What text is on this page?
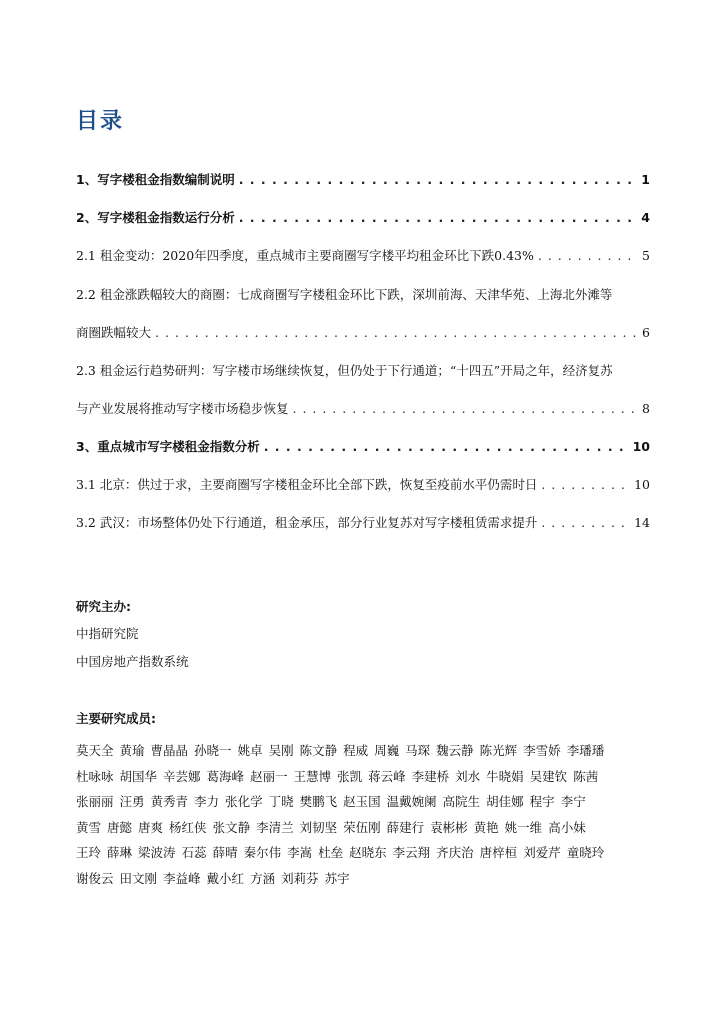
目录
1、写字楼租金指数编制说明 . . .	1
2、写字楼租金指数运行分析 . . .	4
2.1 租金变动：2020年四季度，重点城市主要商圈写字楼平均租金环比下跌0.43% . . .	5
2.2 租金涨跌幅较大的商圈：七成商圈写字楼租金环比下跌，深圳前海、天津华苑、上海北外滩等
商圈跌幅较大 . . .	6
2.3 租金运行趋势研判：写字楼市场继续恢复，但仍处于下行通道；“十四五”开局之年，经济复苏
与产业发展将推动写字楼市场稳步恢复 . . .	8
3、重点城市写字楼租金指数分析 . . .	10
3.1 北京：供过于求，主要商圈写字楼租金环比全部下跌，恢复至疫前水平仍需时日 . . .	10
3.2 武汉：市场整体仍处下行通道，租金承压，部分行业复苏对写字楼租赁需求提升 . . .	14
研究主办:
中指研究院
中国房地产指数系统
主要研究成员:
莫天全 黄瑜 曹晶晶 孙晓一 姚卓 吴刚 陈文静 程威 周巍 马琛 魏云静 陈光辉 李雪娇 李璠璠
杜咏咏 胡国华 辛芸娜 葛海峰 赵丽一 王慧博 张凯 蒋云峰 李建桥 刘水 牛晓娟 吴建钦 陈茜
张丽丽 汪勇 黄秀青 李力 张化学 丁晓 樊鹏飞 赵玉国 温戴婉阑 高院生 胡佳娜 程宇 李宁
黄雪 唐懿 唐爽 杨红侠 张文静 李清兰 刘韧坚 荣伍刚 薛建行 袁彬彬 黄艳 姚一维 高小妹
王玲 薛琳 梁波涛 石蕊 薛晴 秦尔伟 李嵩 杜垒 赵晓东 李云翔 齐庆治 唐梓桓 刘爱芹 童晓玲
谢俊云 田文刚 李益峰 戴小红 方涵 刘莉芬 苏宇
